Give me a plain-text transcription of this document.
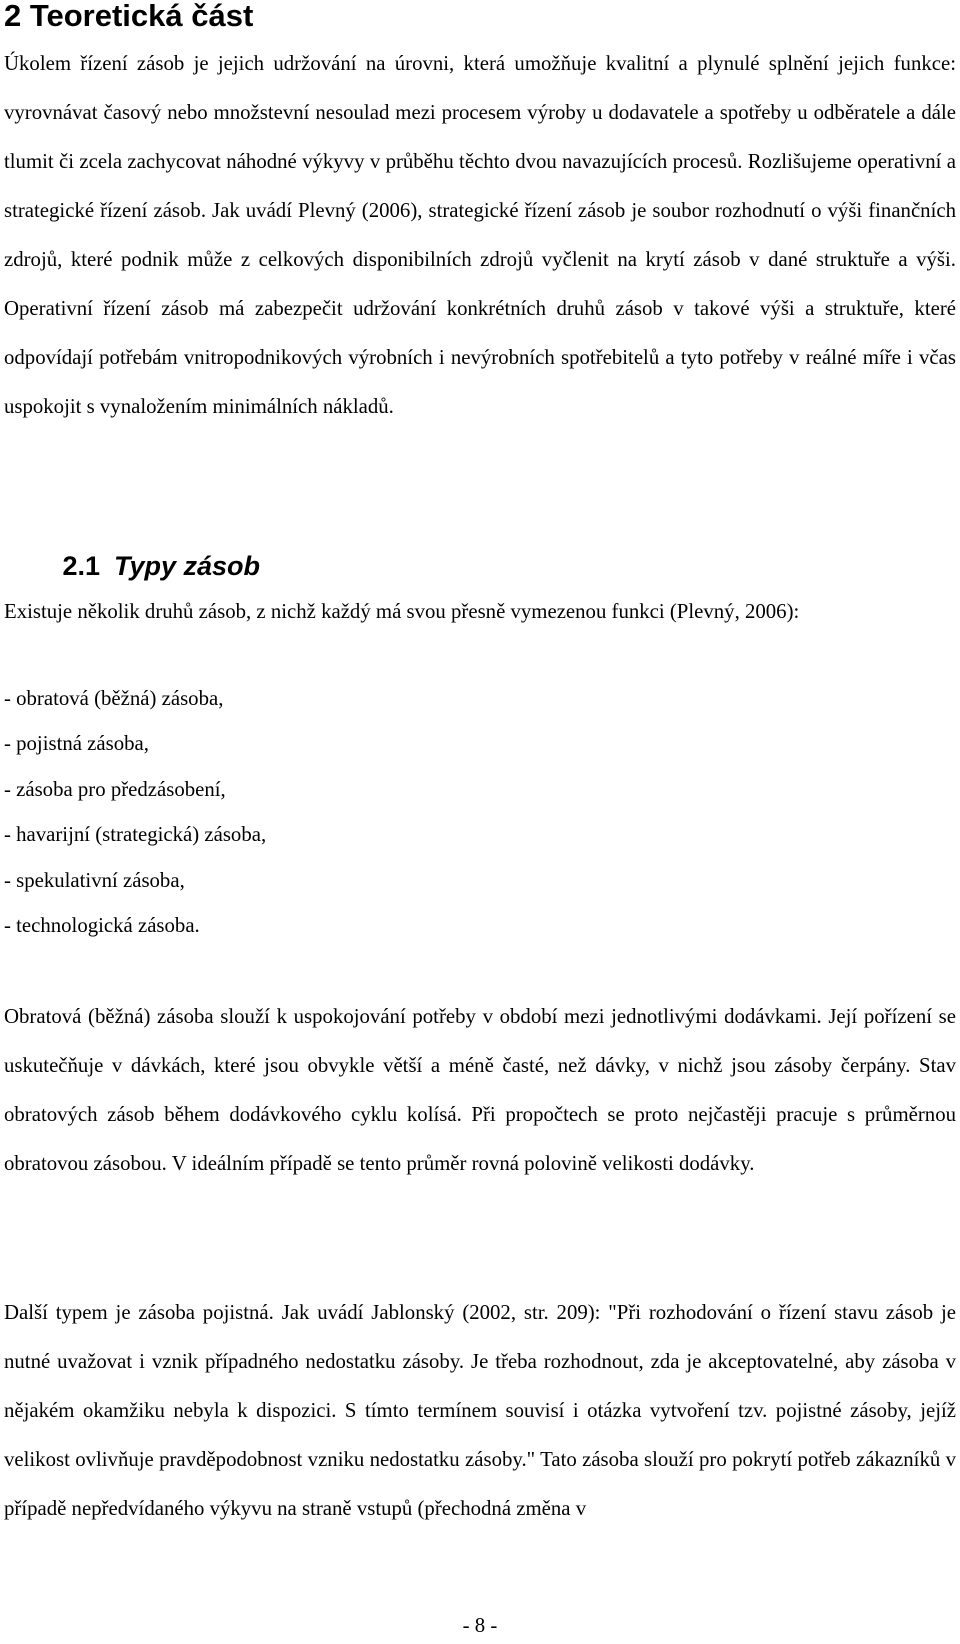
2 Teoretická část

Úkolem řízení zásob je jejich udržování na úrovni, která umožňuje kvalitní a plynulé splnění jejich funkce: vyrovnávat časový nebo množstevní nesoulad mezi procesem výroby u dodavatele a spotřeby u odběratele a dále tlumit či zcela zachycovat náhodné výkyvy v průběhu těchto dvou navazujících procesů. Rozlišujeme operativní a strategické řízení zásob. Jak uvádí Plevný (2006), strategické řízení zásob je soubor rozhodnutí o výši finančních zdrojů, které podnik může z celkových disponibilních zdrojů vyčlenit na krytí zásob v dané struktuře a výši. Operativní řízení zásob má zabezpečit udržování konkrétních druhů zásob v takové výši a struktuře, které odpovídají potřebám vnitropodnikových výrobních i nevýrobních spotřebitelů a tyto potřeby v reálné míře i včas uspokojit s vynaložením minimálních nákladů.

2.1 Typy zásob

Existuje několik druhů zásob, z nichž každý má svou přesně vymezenou funkci (Plevný, 2006):

- obratová (běžná) zásoba,
- pojistná zásoba,
- zásoba pro předzásobení,
- havarijní (strategická) zásoba,
- spekulativní zásoba,
- technologická zásoba.

Obratová (běžná) zásoba slouží k uspokojování potřeby v období mezi jednotlivými dodávkami. Její pořízení se uskutečňuje v dávkách, které jsou obvykle větší a méně časté, než dávky, v nichž jsou zásoby čerpány. Stav obratových zásob během dodávkového cyklu kolísá. Při propočtech se proto nejčastěji pracuje s průměrnou obratovou zásobou. V ideálním případě se tento průměr rovná polovině velikosti dodávky.

Další typem je zásoba pojistná. Jak uvádí Jablonský (2002, str. 209): "Při rozhodování o řízení stavu zásob je nutné uvažovat i vznik případného nedostatku zásoby. Je třeba rozhodnout, zda je akceptovatelné, aby zásoba v nějakém okamžiku nebyla k dispozici. S tímto termínem souvisí i otázka vytvoření tzv. pojistné zásoby, jejíž velikost ovlivňuje pravděpodobnost vzniku nedostatku zásoby." Tato zásoba slouží pro pokrytí potřeb zákazníků v případě nepředvídaného výkyvu na straně vstupů (přechodná změna v

- 8 -
